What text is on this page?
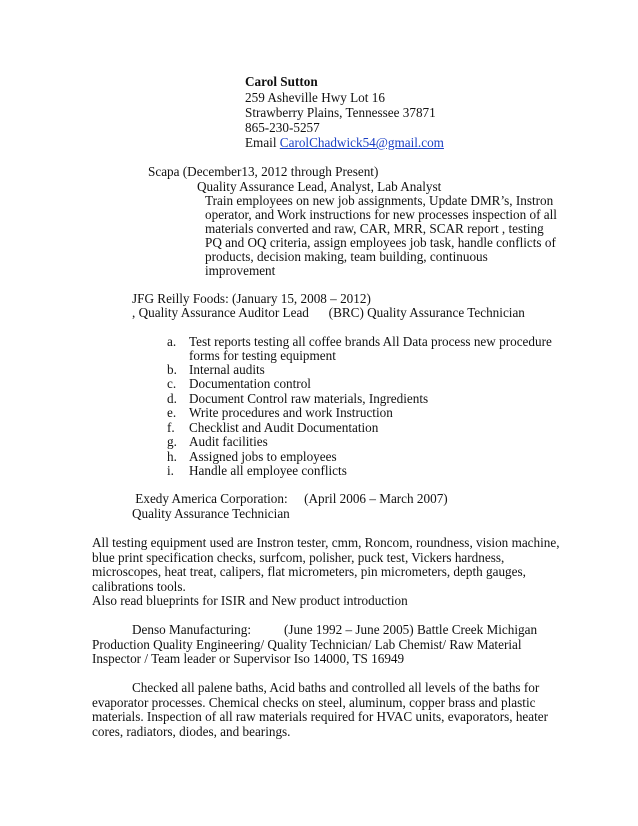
Carol Sutton
259 Asheville Hwy Lot 16
Strawberry Plains, Tennessee 37871
865-230-5257
Email CarolChadwick54@gmail.com
Scapa (December13, 2012 through Present)
Quality Assurance Lead, Analyst, Lab Analyst
Train employees on new job assignments, Update DMR’s, Instron
operator, and Work instructions for new processes inspection of all
materials converted and raw, CAR, MRR, SCAR report , testing
PQ and OQ criteria, assign employees job task, handle conflicts of
products, decision making, team building, continuous
improvement
JFG Reilly Foods: (January 15, 2008 – 2012)
, Quality Assurance Auditor Lead      (BRC) Quality Assurance Technician
a. Test reports testing all coffee brands All Data process new procedure
forms for testing equipment
b. Internal audits
c. Documentation control
d. Document Control raw materials, Ingredients
e. Write procedures and work Instruction
f.	Checklist and Audit Documentation
g. Audit facilities
h. Assigned jobs to employees
i.	Handle all employee conflicts
Exedy America Corporation:     (April 2006 – March 2007)
Quality Assurance Technician
All testing equipment used are Instron tester, cmm, Roncom, roundness, vision machine,
blue print specification checks, surfcom, polisher, puck test, Vickers hardness,
microscopes, heat treat, calipers, flat micrometers, pin micrometers, depth gauges,
calibrations tools.
Also read blueprints for ISIR and New product introduction
Denso Manufacturing:          (June 1992 – June 2005) Battle Creek Michigan
Production Quality Engineering/ Quality Technician/ Lab Chemist/ Raw Material
Inspector / Team leader or Supervisor Iso 14000, TS 16949
Checked all palene baths, Acid baths and controlled all levels of the baths for
evaporator processes. Chemical checks on steel, aluminum, copper brass and plastic
materials. Inspection of all raw materials required for HVAC units, evaporators, heater
cores, radiators, diodes, and bearings.
